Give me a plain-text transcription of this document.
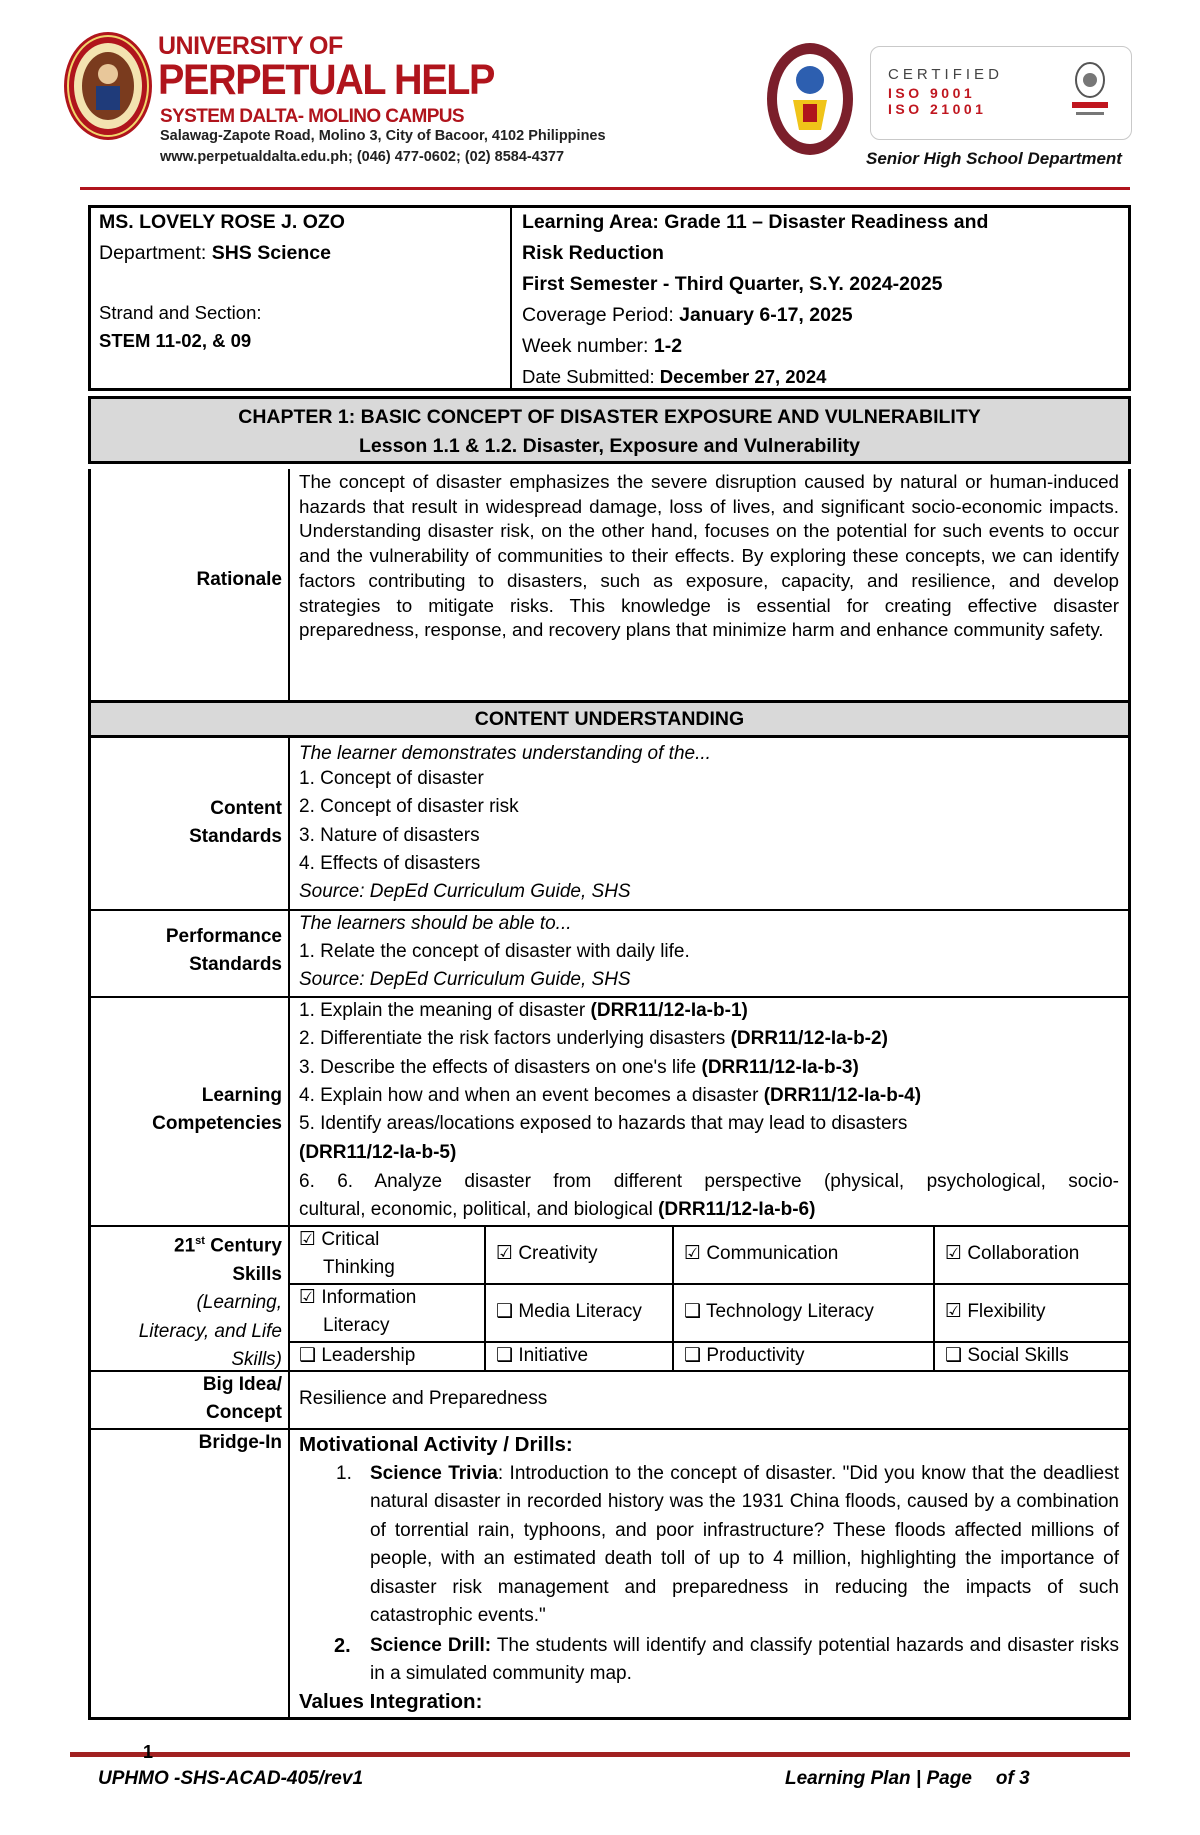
UNIVERSITY OF
PERPETUAL HELP
SYSTEM DALTA- MOLINO CAMPUS
Salawag-Zapote Road, Molino 3, City of Bacoor, 4102 Philippines
www.perpetualdalta.edu.ph; (046) 477-0602; (02) 8584-4377
CERTIFIED
ISO 9001
ISO 21001
Senior High School Department
MS. LOVELY ROSE J. OZO
Department: SHS Science
Strand and Section:
STEM 11-02, & 09
Learning Area: Grade 11 – Disaster Readiness and
Risk Reduction
First Semester - Third Quarter, S.Y. 2024-2025
Coverage Period: January 6-17, 2025
Week number: 1-2
Date Submitted: December 27, 2024
CHAPTER 1: BASIC CONCEPT OF DISASTER EXPOSURE AND VULNERABILITY
Lesson 1.1 & 1.2. Disaster, Exposure and Vulnerability
Rationale
The concept of disaster emphasizes the severe disruption caused by natural or human-induced hazards that result in widespread damage, loss of lives, and significant socio-economic impacts. Understanding disaster risk, on the other hand, focuses on the potential for such events to occur and the vulnerability of communities to their effects. By exploring these concepts, we can identify factors contributing to disasters, such as exposure, capacity, and resilience, and develop strategies to mitigate risks. This knowledge is essential for creating effective disaster preparedness, response, and recovery plans that minimize harm and enhance community safety.
CONTENT UNDERSTANDING
Content
Standards
The learner demonstrates understanding of the...
1. Concept of disaster
2. Concept of disaster risk
3. Nature of disasters
4. Effects of disasters
Source: DepEd Curriculum Guide, SHS
Performance
Standards
The learners should be able to...
1. Relate the concept of disaster with daily life.
Source: DepEd Curriculum Guide, SHS
Learning
Competencies
1. Explain the meaning of disaster (DRR11/12-Ia-b-1)
2. Differentiate the risk factors underlying disasters (DRR11/12-Ia-b-2)
3. Describe the effects of disasters on one's life (DRR11/12-Ia-b-3)
4. Explain how and when an event becomes a disaster (DRR11/12-Ia-b-4)
5. Identify areas/locations exposed to hazards that may lead to disasters
(DRR11/12-Ia-b-5)
6. 6. Analyze disaster from different perspective (physical, psychological, socio-
cultural, economic, political, and biological (DRR11/12-Ia-b-6)
21st Century
Skills
(Learning,
Literacy, and Life
Skills)
☑ Critical
Thinking
☑ Creativity	☑ Communication	☑ Collaboration
☑ Information
Literacy
❑ Media Literacy ❑ Technology Literacy	☑ Flexibility
❑ Leadership	❑ Initiative	❑ Productivity	❑ Social Skills
Big Idea/
Concept
Resilience and Preparedness
Bridge-In Motivational Activity / Drills:
1. Science Trivia: Introduction to the concept of disaster. "Did you know that the deadliest natural disaster in recorded history was the 1931 China floods, caused by a combination of torrential rain, typhoons, and poor infrastructure? These floods affected millions of people, with an estimated death toll of up to 4 million, highlighting the importance of disaster risk management and preparedness in reducing the impacts of such catastrophic events."
2. Science Drill: The students will identify and classify potential hazards and disaster risks in a simulated community map.
Values Integration:
1
UPHMO -SHS-ACAD-405/rev1	Learning Plan | Page of 3
